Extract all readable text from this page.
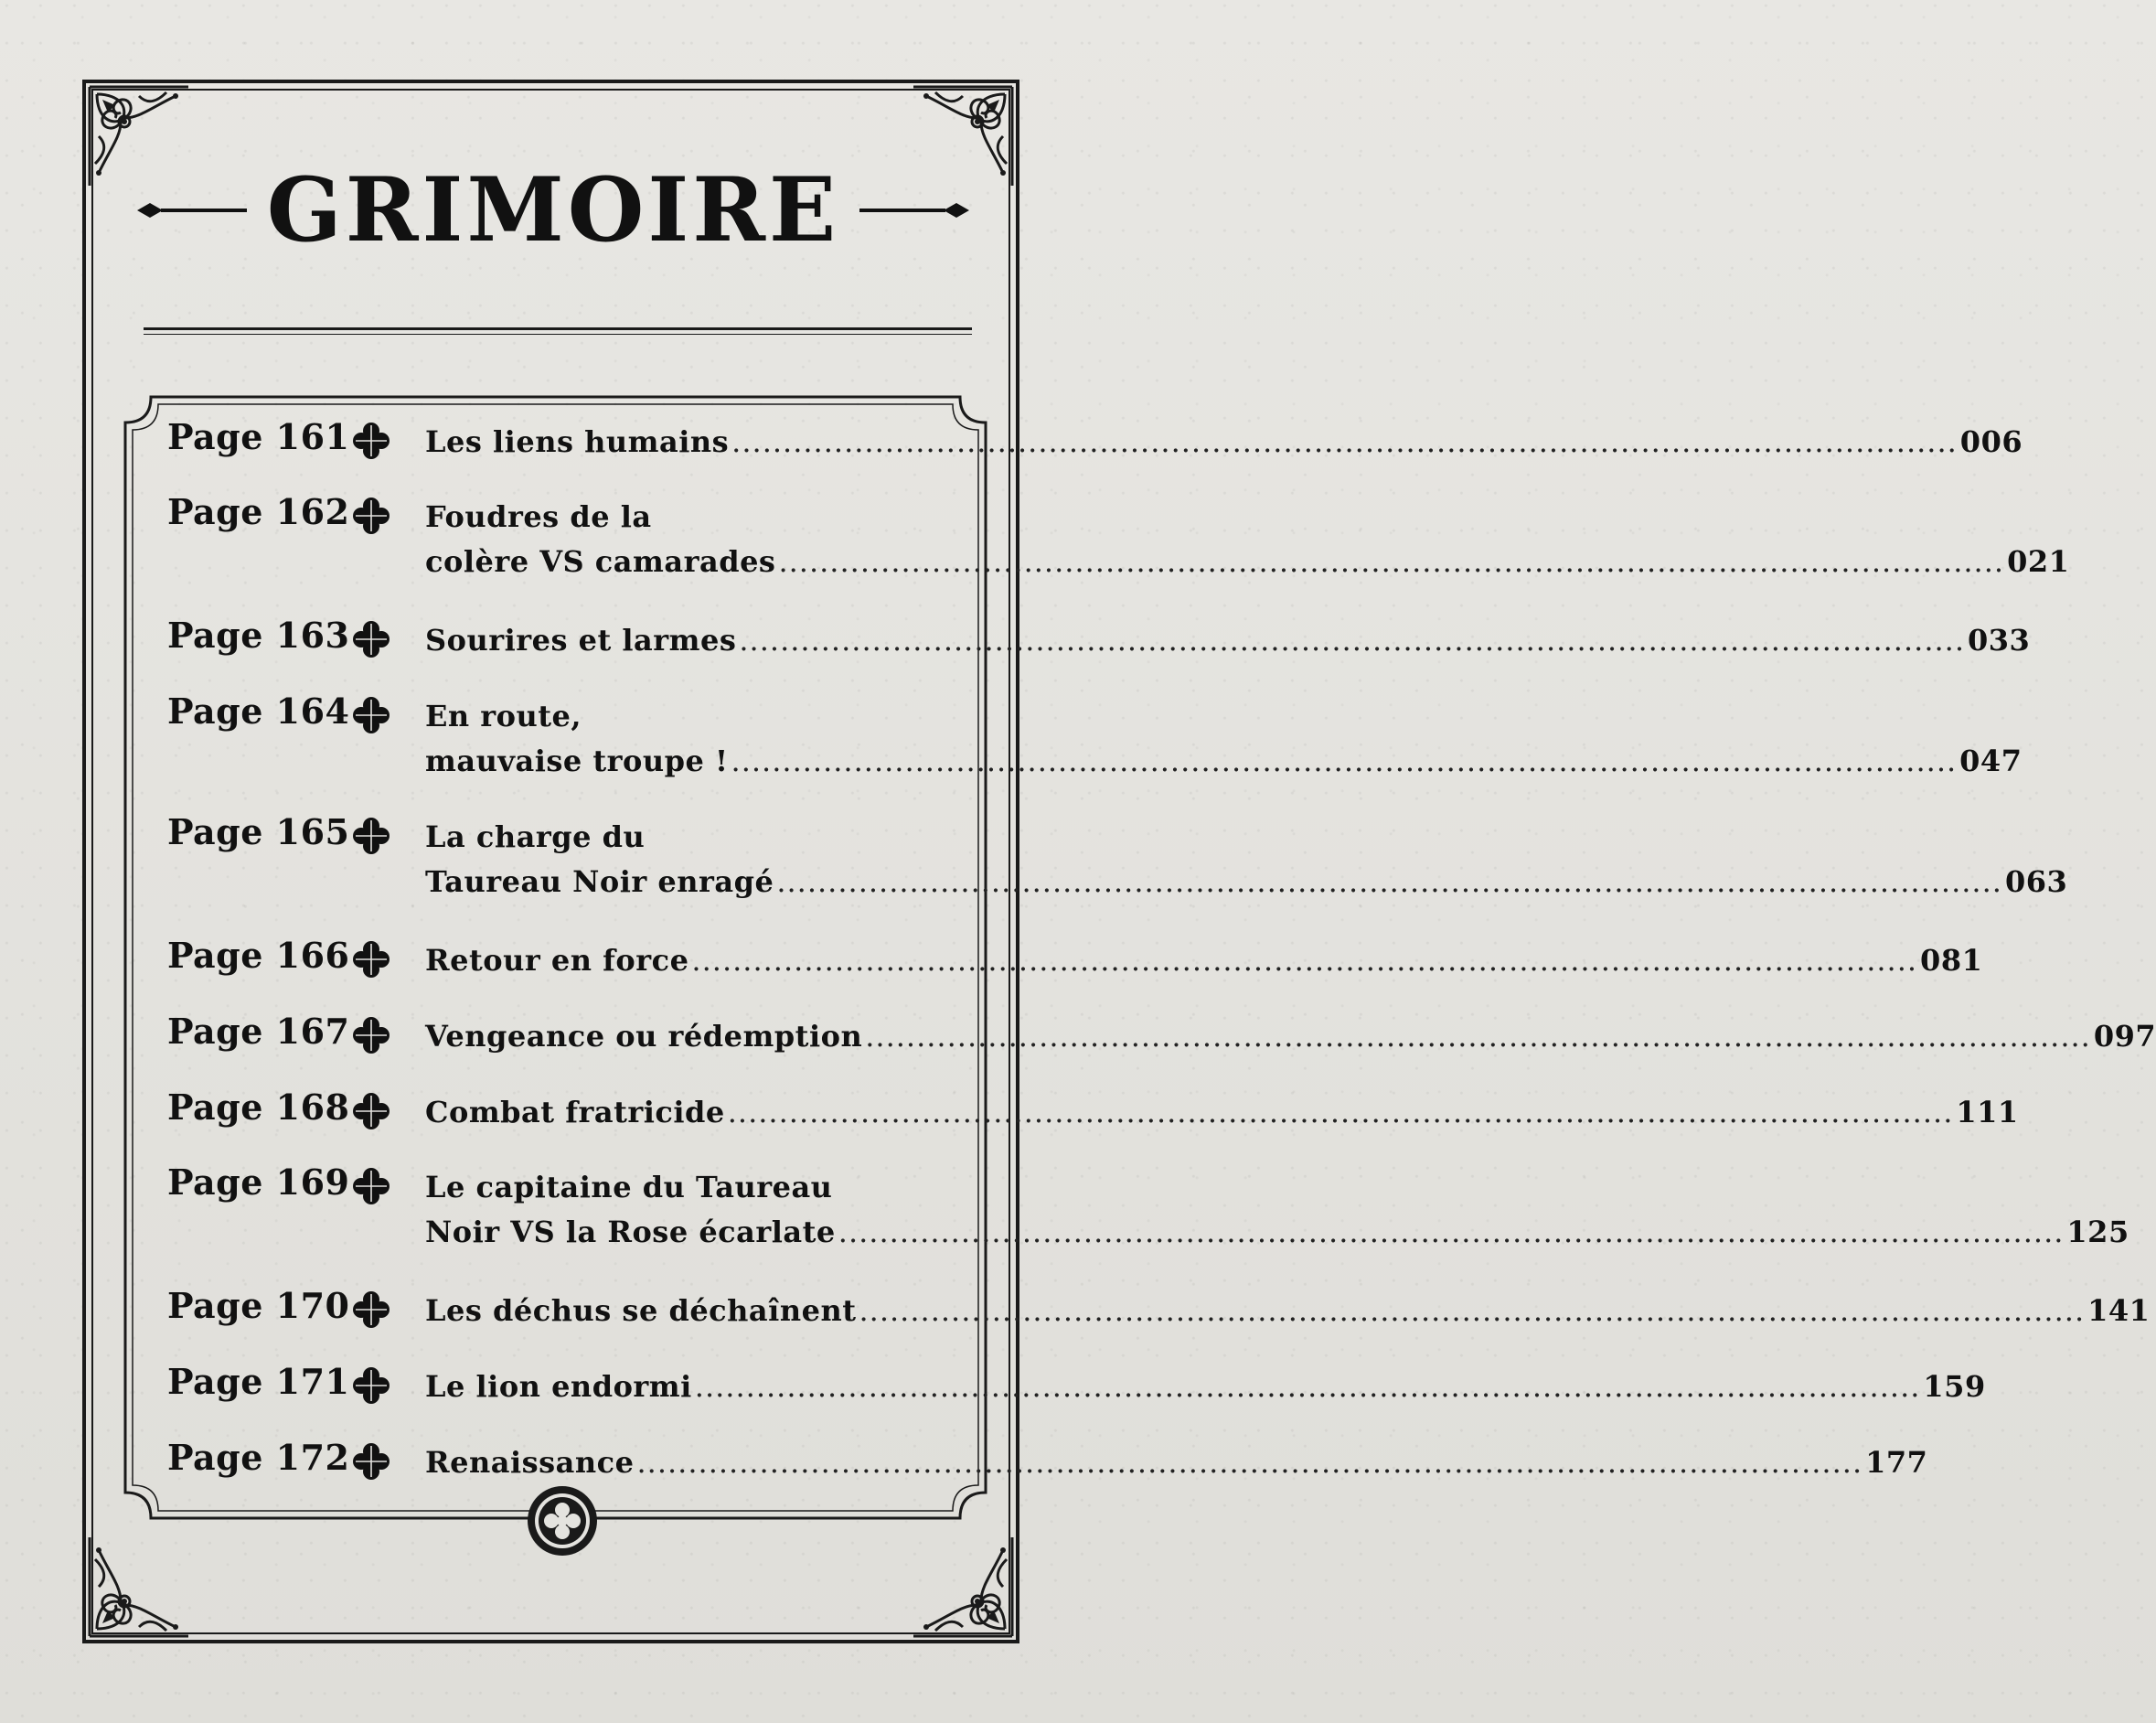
GRIMOIRE
Page 161	Les liens humains ........................................................................................................................ 006
Page 162	Foudres de la
colère VS camarades ........................................................................................................................ 021
Page 163	Sourires et larmes ........................................................................................................................ 033
Page 164	En route,
mauvaise troupe ! ........................................................................................................................ 047
Page 165	La charge du
Taureau Noir enragé ........................................................................................................................ 063
Page 166	Retour en force ........................................................................................................................ 081
Page 167	Vengeance ou rédemption ........................................................................................................................ 097
Page 168	Combat fratricide ........................................................................................................................ 111
Page 169	Le capitaine du Taureau
Noir VS la Rose écarlate ........................................................................................................................ 125
Page 170	Les déchus se déchaînent ........................................................................................................................ 141
Page 171	Le lion endormi ........................................................................................................................ 159
Page 172	Renaissance ........................................................................................................................ 177
